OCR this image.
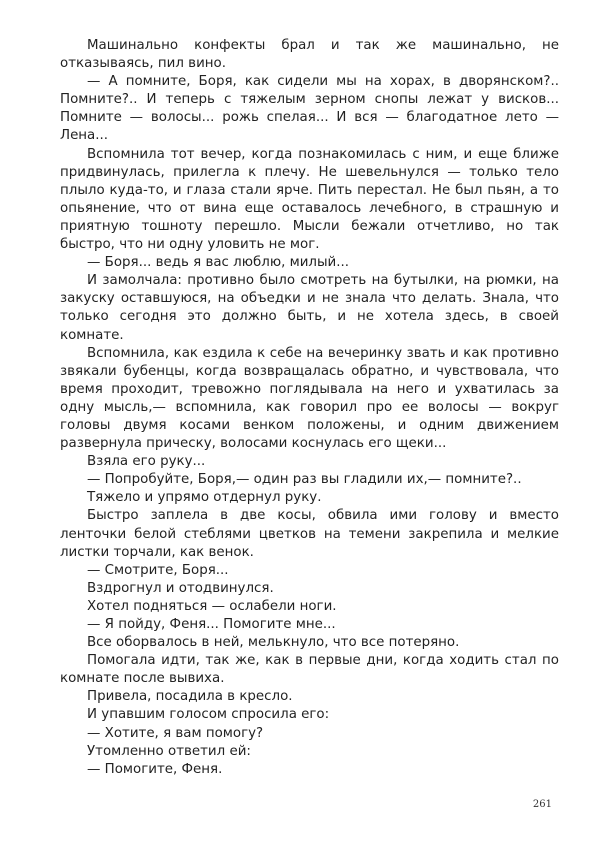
Машинально конфекты брал и так же машинально, не отказываясь, пил вино.

— А помните, Боря, как сидели мы на хорах, в дворянском?.. Помните?.. И теперь с тяжелым зерном снопы лежат у висков... Помните — волосы... рожь спелая... И вся — благодатное лето — Лена...

Вспомнила тот вечер, когда познакомилась с ним, и еще ближе придвинулась, прилегла к плечу. Не шевельнулся — только тело плыло куда-то, и глаза стали ярче. Пить перестал. Не был пьян, а то опьянение, что от вина еще оставалось лечебного, в страшную и приятную тошноту перешло. Мысли бежали отчетливо, но так быстро, что ни одну уловить не мог.

— Боря... ведь я вас люблю, милый...

И замолчала: противно было смотреть на бутылки, на рюмки, на закуску оставшуюся, на объедки и не знала что делать. Знала, что только сегодня это должно быть, и не хотела здесь, в своей комнате.

Вспомнила, как ездила к себе на вечеринку звать и как противно звякали бубенцы, когда возвращалась обратно, и чувствовала, что время проходит, тревожно поглядывала на него и ухватилась за одну мысль,— вспомнила, как говорил про ее волосы — вокруг головы двумя косами венком положены, и одним движением развернула прическу, волосами коснулась его щеки...

Взяла его руку...

— Попробуйте, Боря,— один раз вы гладили их,— помните?..

Тяжело и упрямо отдернул руку.

Быстро заплела в две косы, обвила ими голову и вместо ленточки белой стеблями цветков на темени закрепила и мелкие листки торчали, как венок.

— Смотрите, Боря...

Вздрогнул и отодвинулся.

Хотел подняться — ослабели ноги.

— Я пойду, Феня... Помогите мне...

Все оборвалось в ней, мелькнуло, что все потеряно.

Помогала идти, так же, как в первые дни, когда ходить стал по комнате после вывиха.

Привела, посадила в кресло.

И упавшим голосом спросила его:

— Хотите, я вам помогу?

Утомленно ответил ей:

— Помогите, Феня.

261
